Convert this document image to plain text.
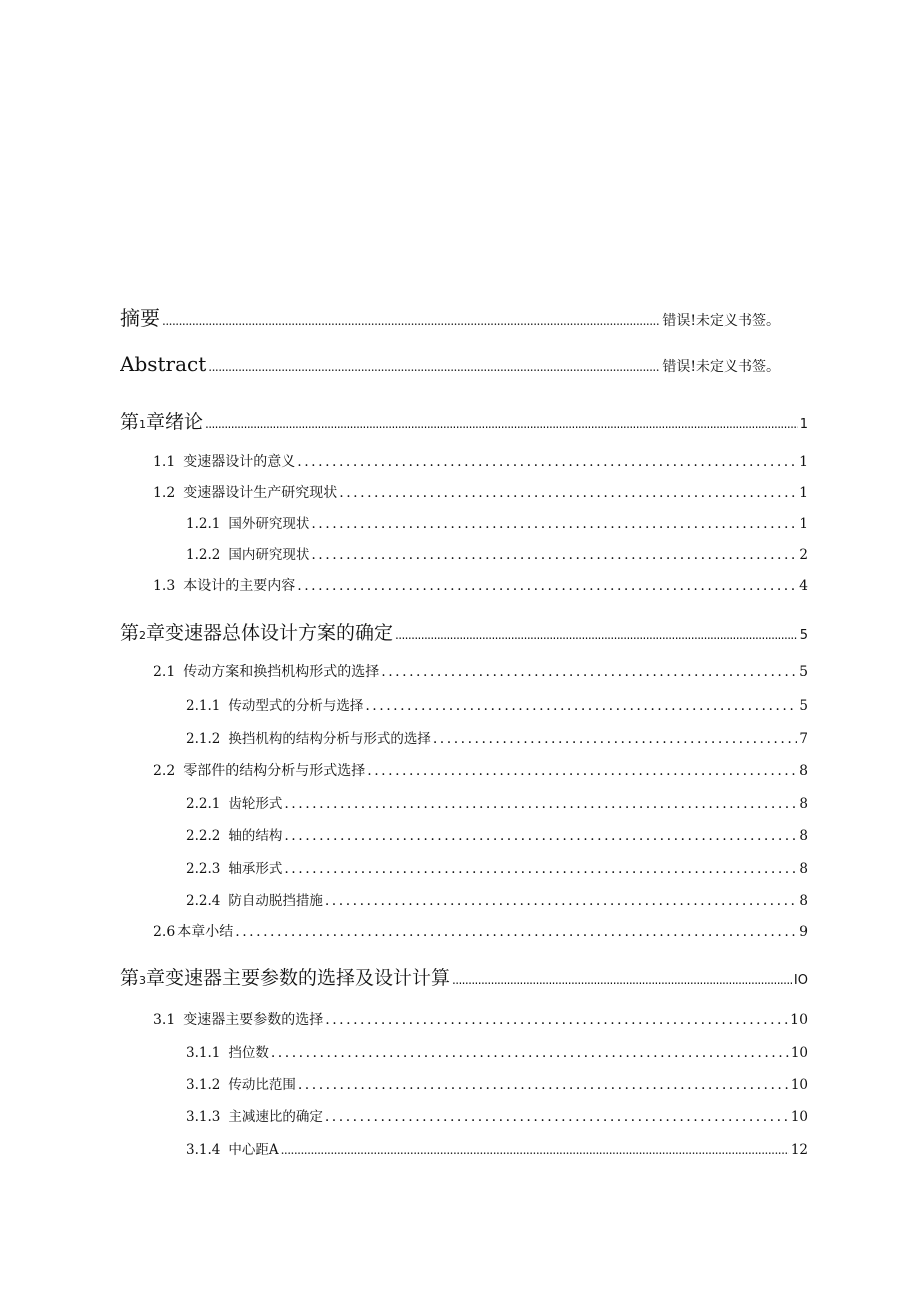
摘要 .....	错误!未定义书签。
Abstract .....	错误!未定义书签。
第1章绪论 .....	1
1.1 变速器设计的意义 .....	1
1.2 变速器设计生产研究现状 .....	1
1.2.1 国外研究现状 .....	1
1.2.2 国内研究现状 .....	2
1.3 本设计的主要内容 .....	4
第2章变速器总体设计方案的确定 .....	5
2.1 传动方案和换挡机构形式的选择 .....	5
2.1.1 传动型式的分析与选择 .....	5
2.1.2 换挡机构的结构分析与形式的选择 .....	7
2.2 零部件的结构分析与形式选择 .....	8
2.2.1 齿轮形式 .....	8
2.2.2 轴的结构 .....	8
2.2.3 轴承形式 .....	8
2.2.4 防自动脱挡措施 .....	8
2.6 本章小结 .....	9
第3章变速器主要参数的选择及设计计算 .....	IO
3.1 变速器主要参数的选择 .....	10
3.1.1 挡位数 .....	10
3.1.2 传动比范围 .....	10
3.1.3 主减速比的确定 .....	10
3.1.4 中心距A .....	12
